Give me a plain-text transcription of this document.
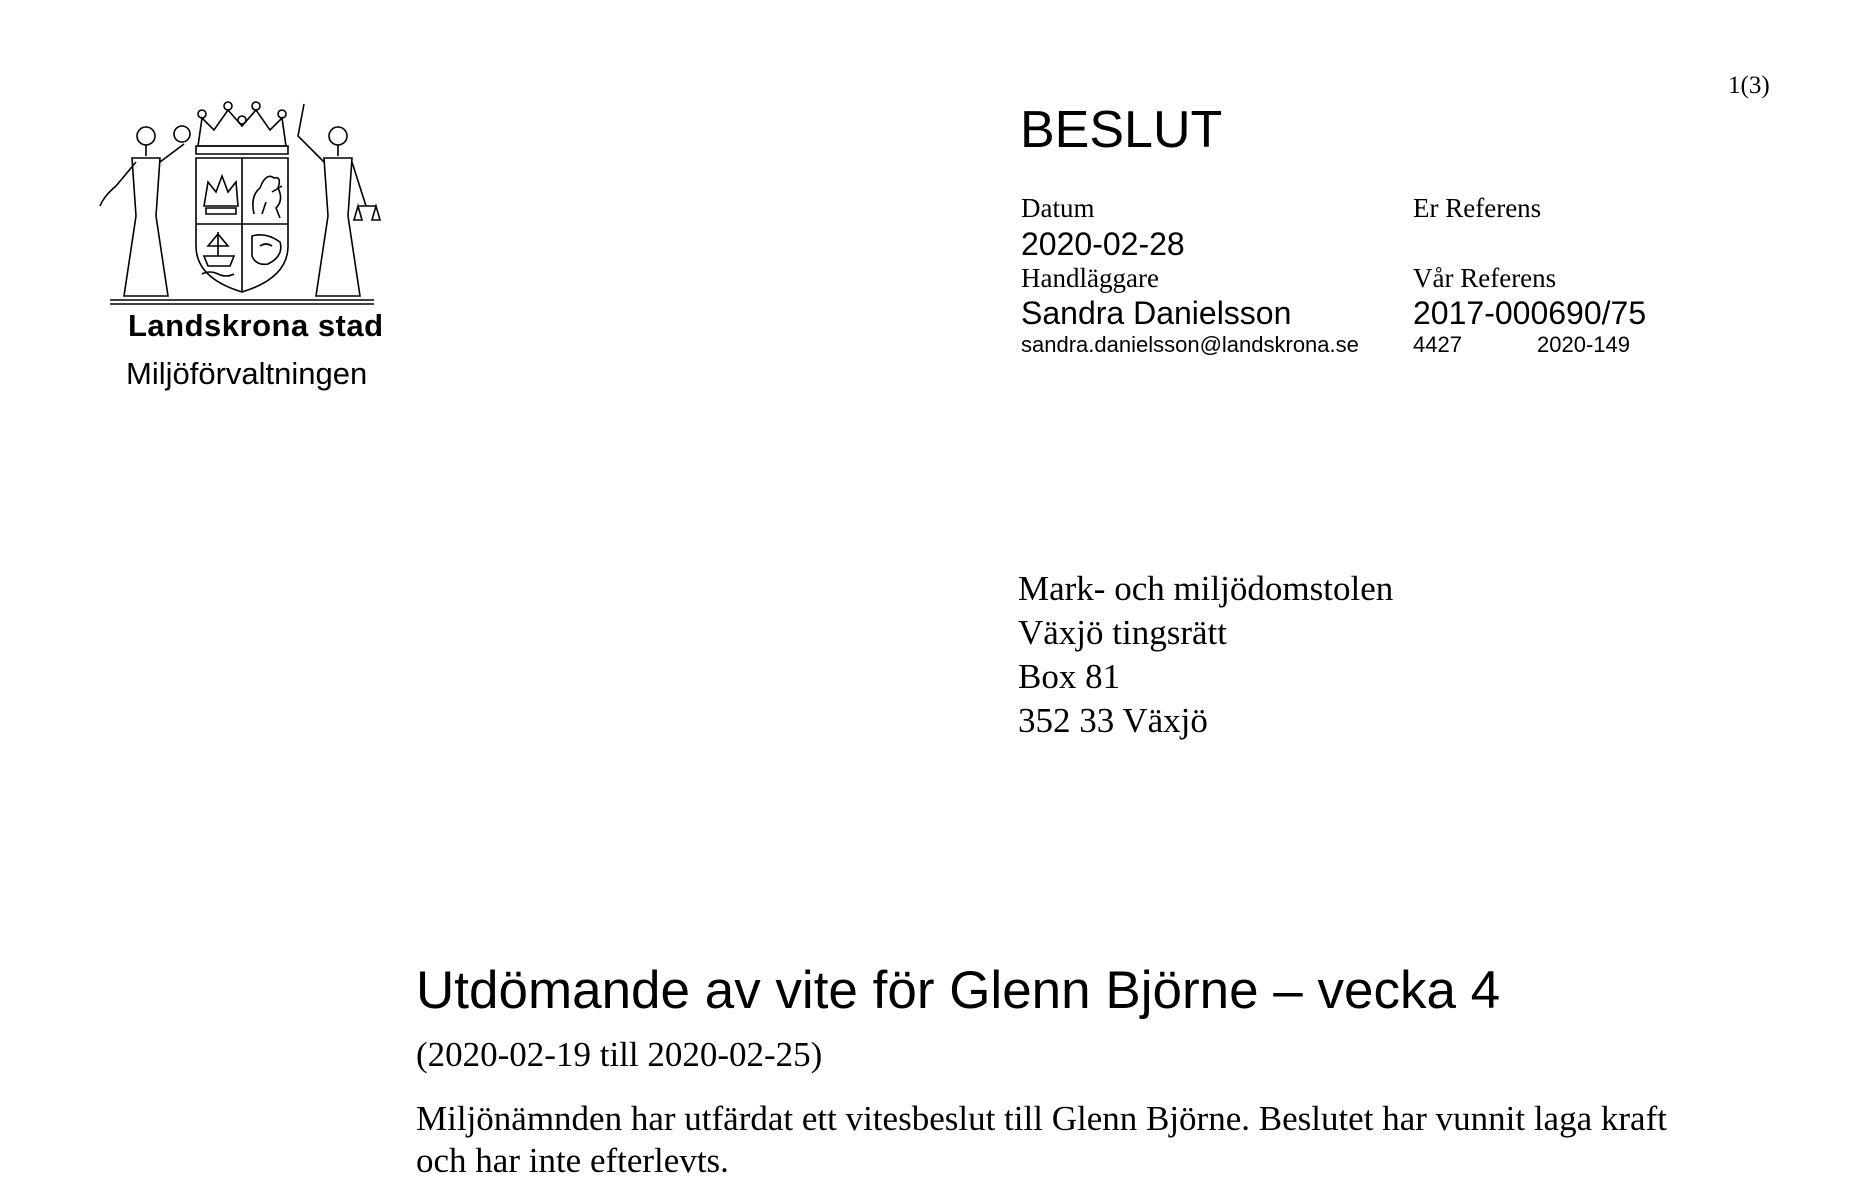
Landskrona stad
Miljöförvaltningen
1(3)
BESLUT
Datum
2020-02-28
Handläggare
Sandra Danielsson
sandra.danielsson@landskrona.se
Er Referens
Vår Referens
2017-000690/75
4427	2020-149
Mark- och miljödomstolen
Växjö tingsrätt
Box 81
352 33 Växjö
Utdömande av vite för Glenn Björne – vecka 4
(2020-02-19 till 2020-02-25)
Miljönämnden har utfärdat ett vitesbeslut till Glenn Björne. Beslutet har vunnit laga kraft och har inte efterlevts.
